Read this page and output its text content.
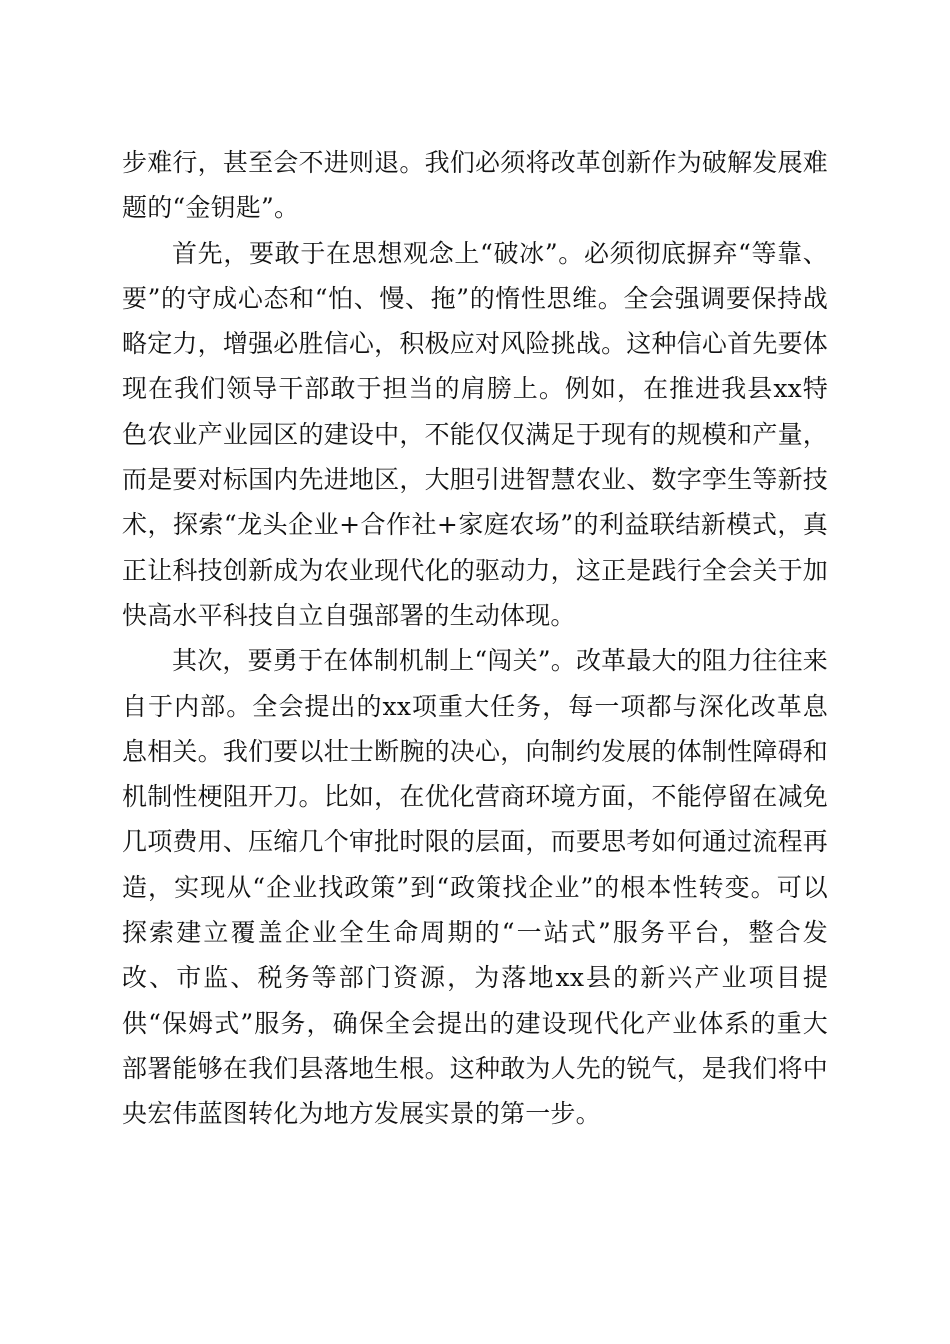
步难行，甚至会不进则退。我们必须将改革创新作为破解发展难题的“金钥匙”。

首先，要敢于在思想观念上“破冰”。必须彻底摒弃“等靠、要”的守成心态和“怕、慢、拖”的惰性思维。全会强调要保持战略定力，增强必胜信心，积极应对风险挑战。这种信心首先要体现在我们领导干部敢于担当的肩膀上。例如，在推进我县xx特色农业产业园区的建设中，不能仅仅满足于现有的规模和产量，而是要对标国内先进地区，大胆引进智慧农业、数字孪生等新技术，探索“龙头企业+合作社+家庭农场”的利益联结新模式，真正让科技创新成为农业现代化的驱动力，这正是践行全会关于加快高水平科技自立自强部署的生动体现。

其次，要勇于在体制机制上“闯关”。改革最大的阻力往往来自于内部。全会提出的xx项重大任务，每一项都与深化改革息息相关。我们要以壮士断腕的决心，向制约发展的体制性障碍和机制性梗阻开刀。比如，在优化营商环境方面，不能停留在减免几项费用、压缩几个审批时限的层面，而要思考如何通过流程再造，实现从“企业找政策”到“政策找企业”的根本性转变。可以探索建立覆盖企业全生命周期的“一站式”服务平台，整合发改、市监、税务等部门资源，为落地xx县的新兴产业项目提供“保姆式”服务，确保全会提出的建设现代化产业体系的重大部署能够在我们县落地生根。这种敢为人先的锐气，是我们将中央宏伟蓝图转化为地方发展实景的第一步。
